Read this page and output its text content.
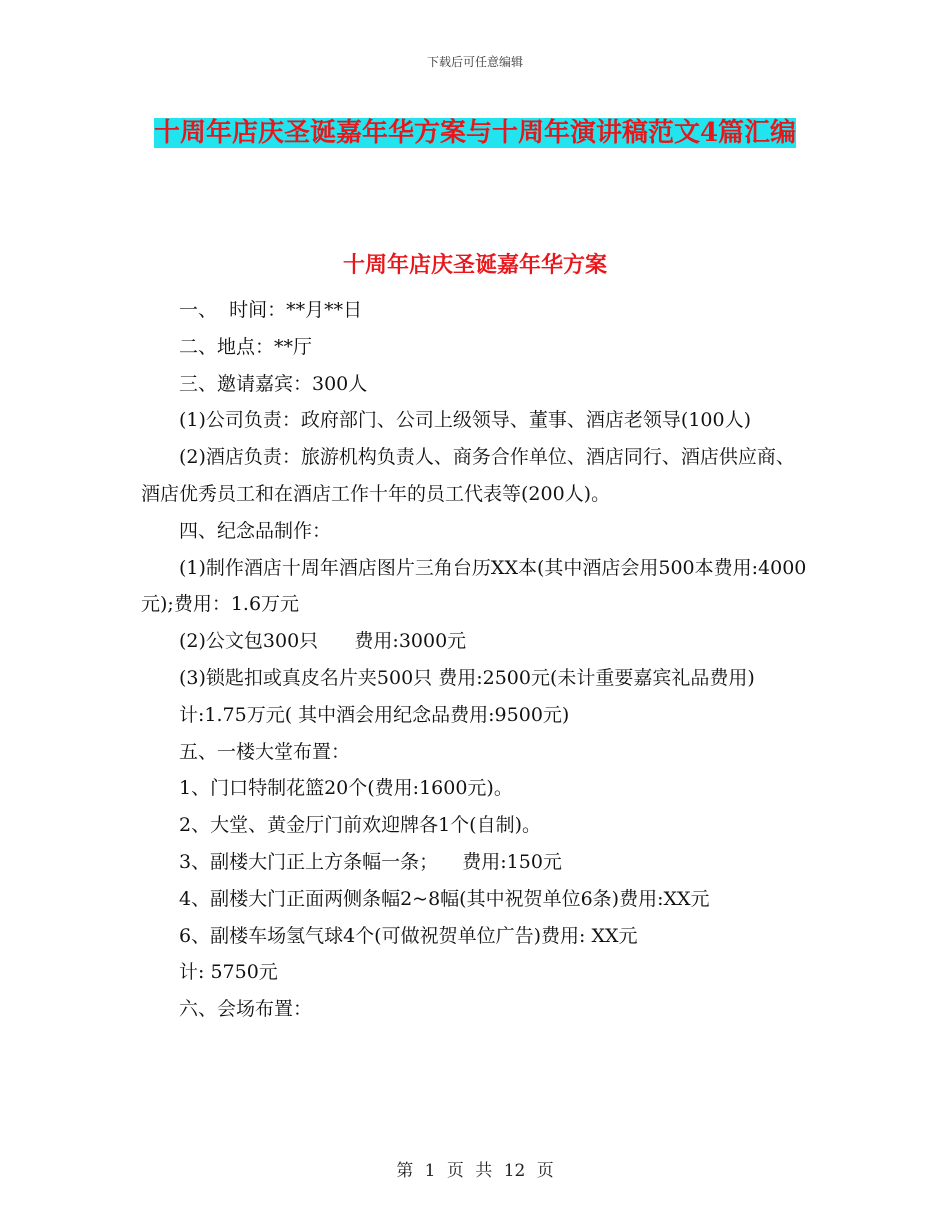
下载后可任意编辑
十周年店庆圣诞嘉年华方案与十周年演讲稿范文4篇汇编
十周年店庆圣诞嘉年华方案

一、  时间：**月**日

二、地点：**厅

三、邀请嘉宾：300人

(1)公司负责：政府部门、公司上级领导、董事、酒店老领导(100人)

(2)酒店负责：旅游机构负责人、商务合作单位、酒店同行、酒店供应商、酒店优秀员工和在酒店工作十年的员工代表等(200人)。

四、纪念品制作：

(1)制作酒店十周年酒店图片三角台历XX本(其中酒店会用500本费用:4000元);费用：1.6万元

(2)公文包300只      费用:3000元

(3)锁匙扣或真皮名片夹500只 费用:2500元(未计重要嘉宾礼品费用)

计:1.75万元( 其中酒会用纪念品费用:9500元)

五、一楼大堂布置：

1、门口特制花篮20个(费用:1600元)。

2、大堂、黄金厅门前欢迎牌各1个(自制)。

3、副楼大门正上方条幅一条；    费用:150元

4、副楼大门正面两侧条幅2~8幅(其中祝贺单位6条)费用:XX元

6、副楼车场氢气球4个(可做祝贺单位广告)费用: XX元

计: 5750元

六、会场布置：

第 1 页 共 12 页
